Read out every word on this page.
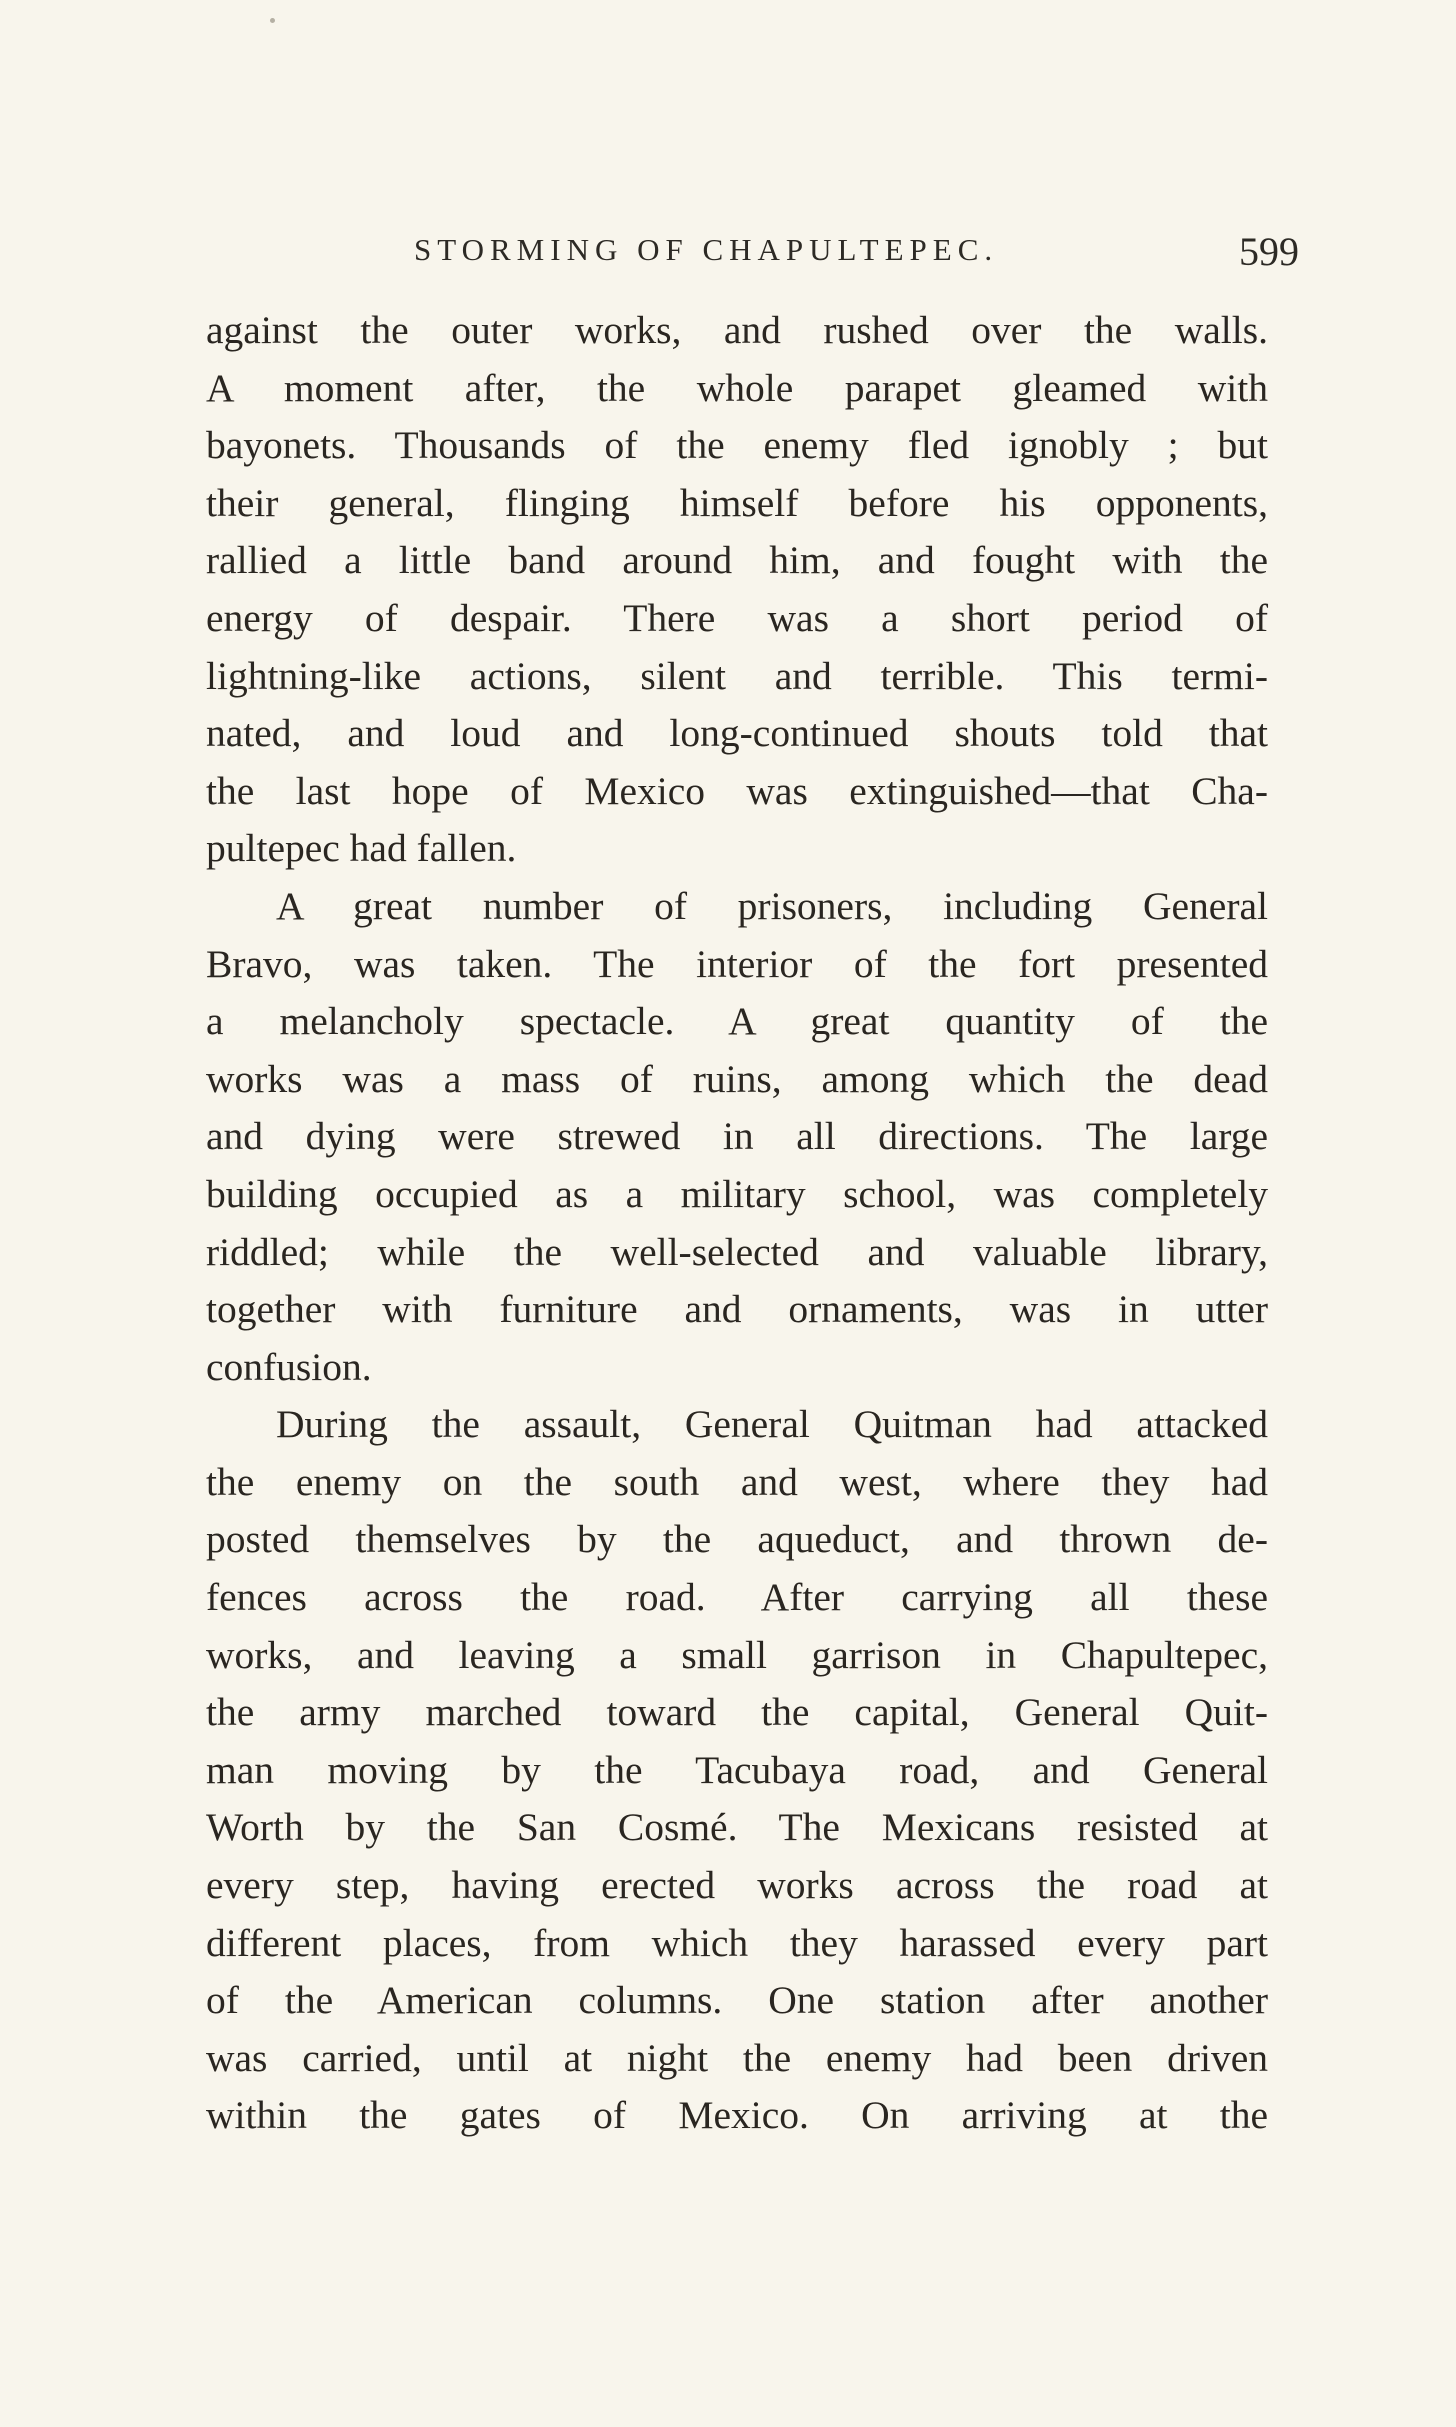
STORMING OF CHAPULTEPEC.	599
against the outer works, and rushed over the walls.
A moment after, the whole parapet gleamed with
bayonets. Thousands of the enemy fled ignobly ; but
their general, flinging himself before his opponents,
rallied a little band around him, and fought with the
energy of despair. There was a short period of
lightning-like actions, silent and terrible. This termi-
nated, and loud and long-continued shouts told that
the last hope of Mexico was extinguished—that Cha-
pultepec had fallen.
A great number of prisoners, including General
Bravo, was taken. The interior of the fort presented
a melancholy spectacle. A great quantity of the
works was a mass of ruins, among which the dead
and dying were strewed in all directions. The large
building occupied as a military school, was completely
riddled; while the well-selected and valuable library,
together with furniture and ornaments, was in utter
confusion.
During the assault, General Quitman had attacked
the enemy on the south and west, where they had
posted themselves by the aqueduct, and thrown de-
fences across the road. After carrying all these
works, and leaving a small garrison in Chapultepec,
the army marched toward the capital, General Quit-
man moving by the Tacubaya road, and General
Worth by the San Cosmé. The Mexicans resisted at
every step, having erected works across the road at
different places, from which they harassed every part
of the American columns. One station after another
was carried, until at night the enemy had been driven
within the gates of Mexico. On arriving at the
